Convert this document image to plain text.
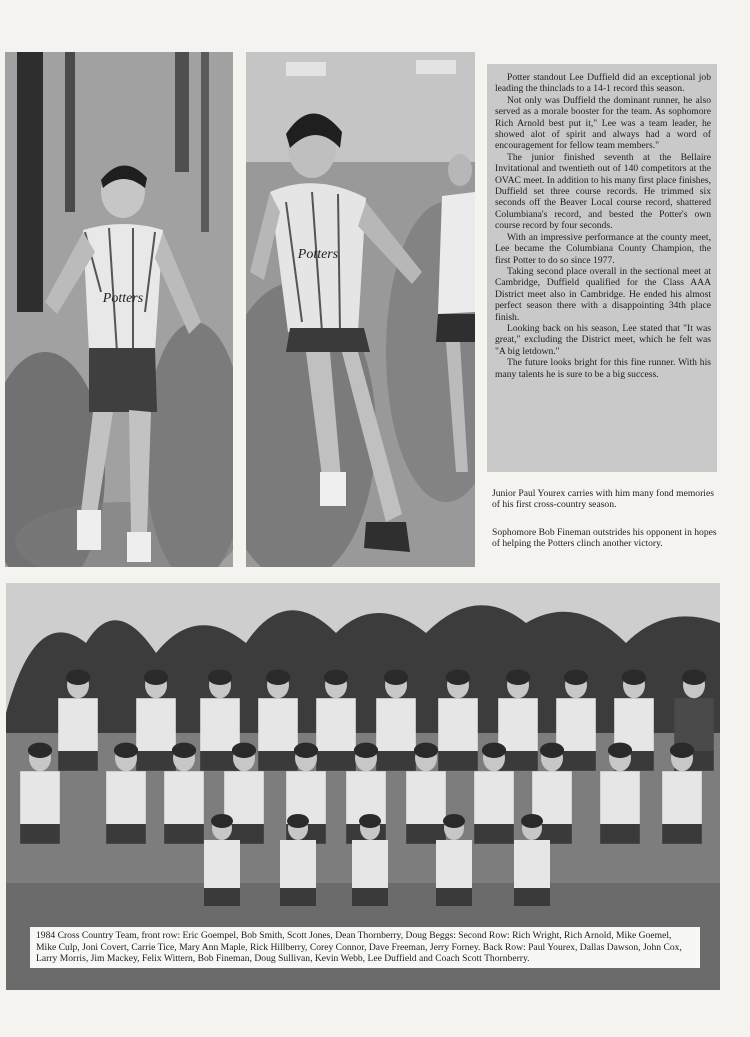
Potters
Potters

Potter standout Lee Duffield did an exceptional job leading the thinclads to a 14-1 record this season.

Not only was Duffield the dominant runner, he also served as a morale booster for the team. As sophomore Rich Arnold best put it," Lee was a team leader, he showed alot of spirit and always had a word of encouragement for fellow team members."

The junior finished seventh at the Bellaire Invitational and twentieth out of 140 competitors at the OVAC meet. In addition to his many first place finishes, Duffield set three course records. He trimmed six seconds off the Beaver Local course record, shattered Columbiana's record, and bested the Potter's own course record by four seconds.

With an impressive performance at the county meet, Lee became the Columbiana County Champion, the first Potter to do so since 1977.

Taking second place overall in the sectional meet at Cambridge, Duffield qualified for the Class AAA District meet also in Cambridge. He ended his almost perfect season there with a disappointing 34th place finish.

Looking back on his season, Lee stated that "It was great," excluding the District meet, which he felt was "A big letdown."

The future looks bright for this fine runner. With his many talents he is sure to be a big success.

Junior Paul Yourex carries with him many fond memories of his first cross-country season.

Sophomore Bob Fineman outstrides his opponent in hopes of helping the Potters clinch another victory.

1984 Cross Country Team, front row: Eric Goempel, Bob Smith, Scott Jones, Dean Thornberry, Doug Beggs: Second Row: Rich Wright, Rich Arnold, Mike Goemel, Mike Culp, Joni Covert, Carrie Tice, Mary Ann Maple, Rick Hillberry, Corey Connor, Dave Freeman, Jerry Forney. Back Row: Paul Yourex, Dallas Dawson, John Cox, Larry Morris, Jim Mackey, Felix Wittern, Bob Fineman, Doug Sullivan, Kevin Webb, Lee Duffield and Coach Scott Thornberry.
